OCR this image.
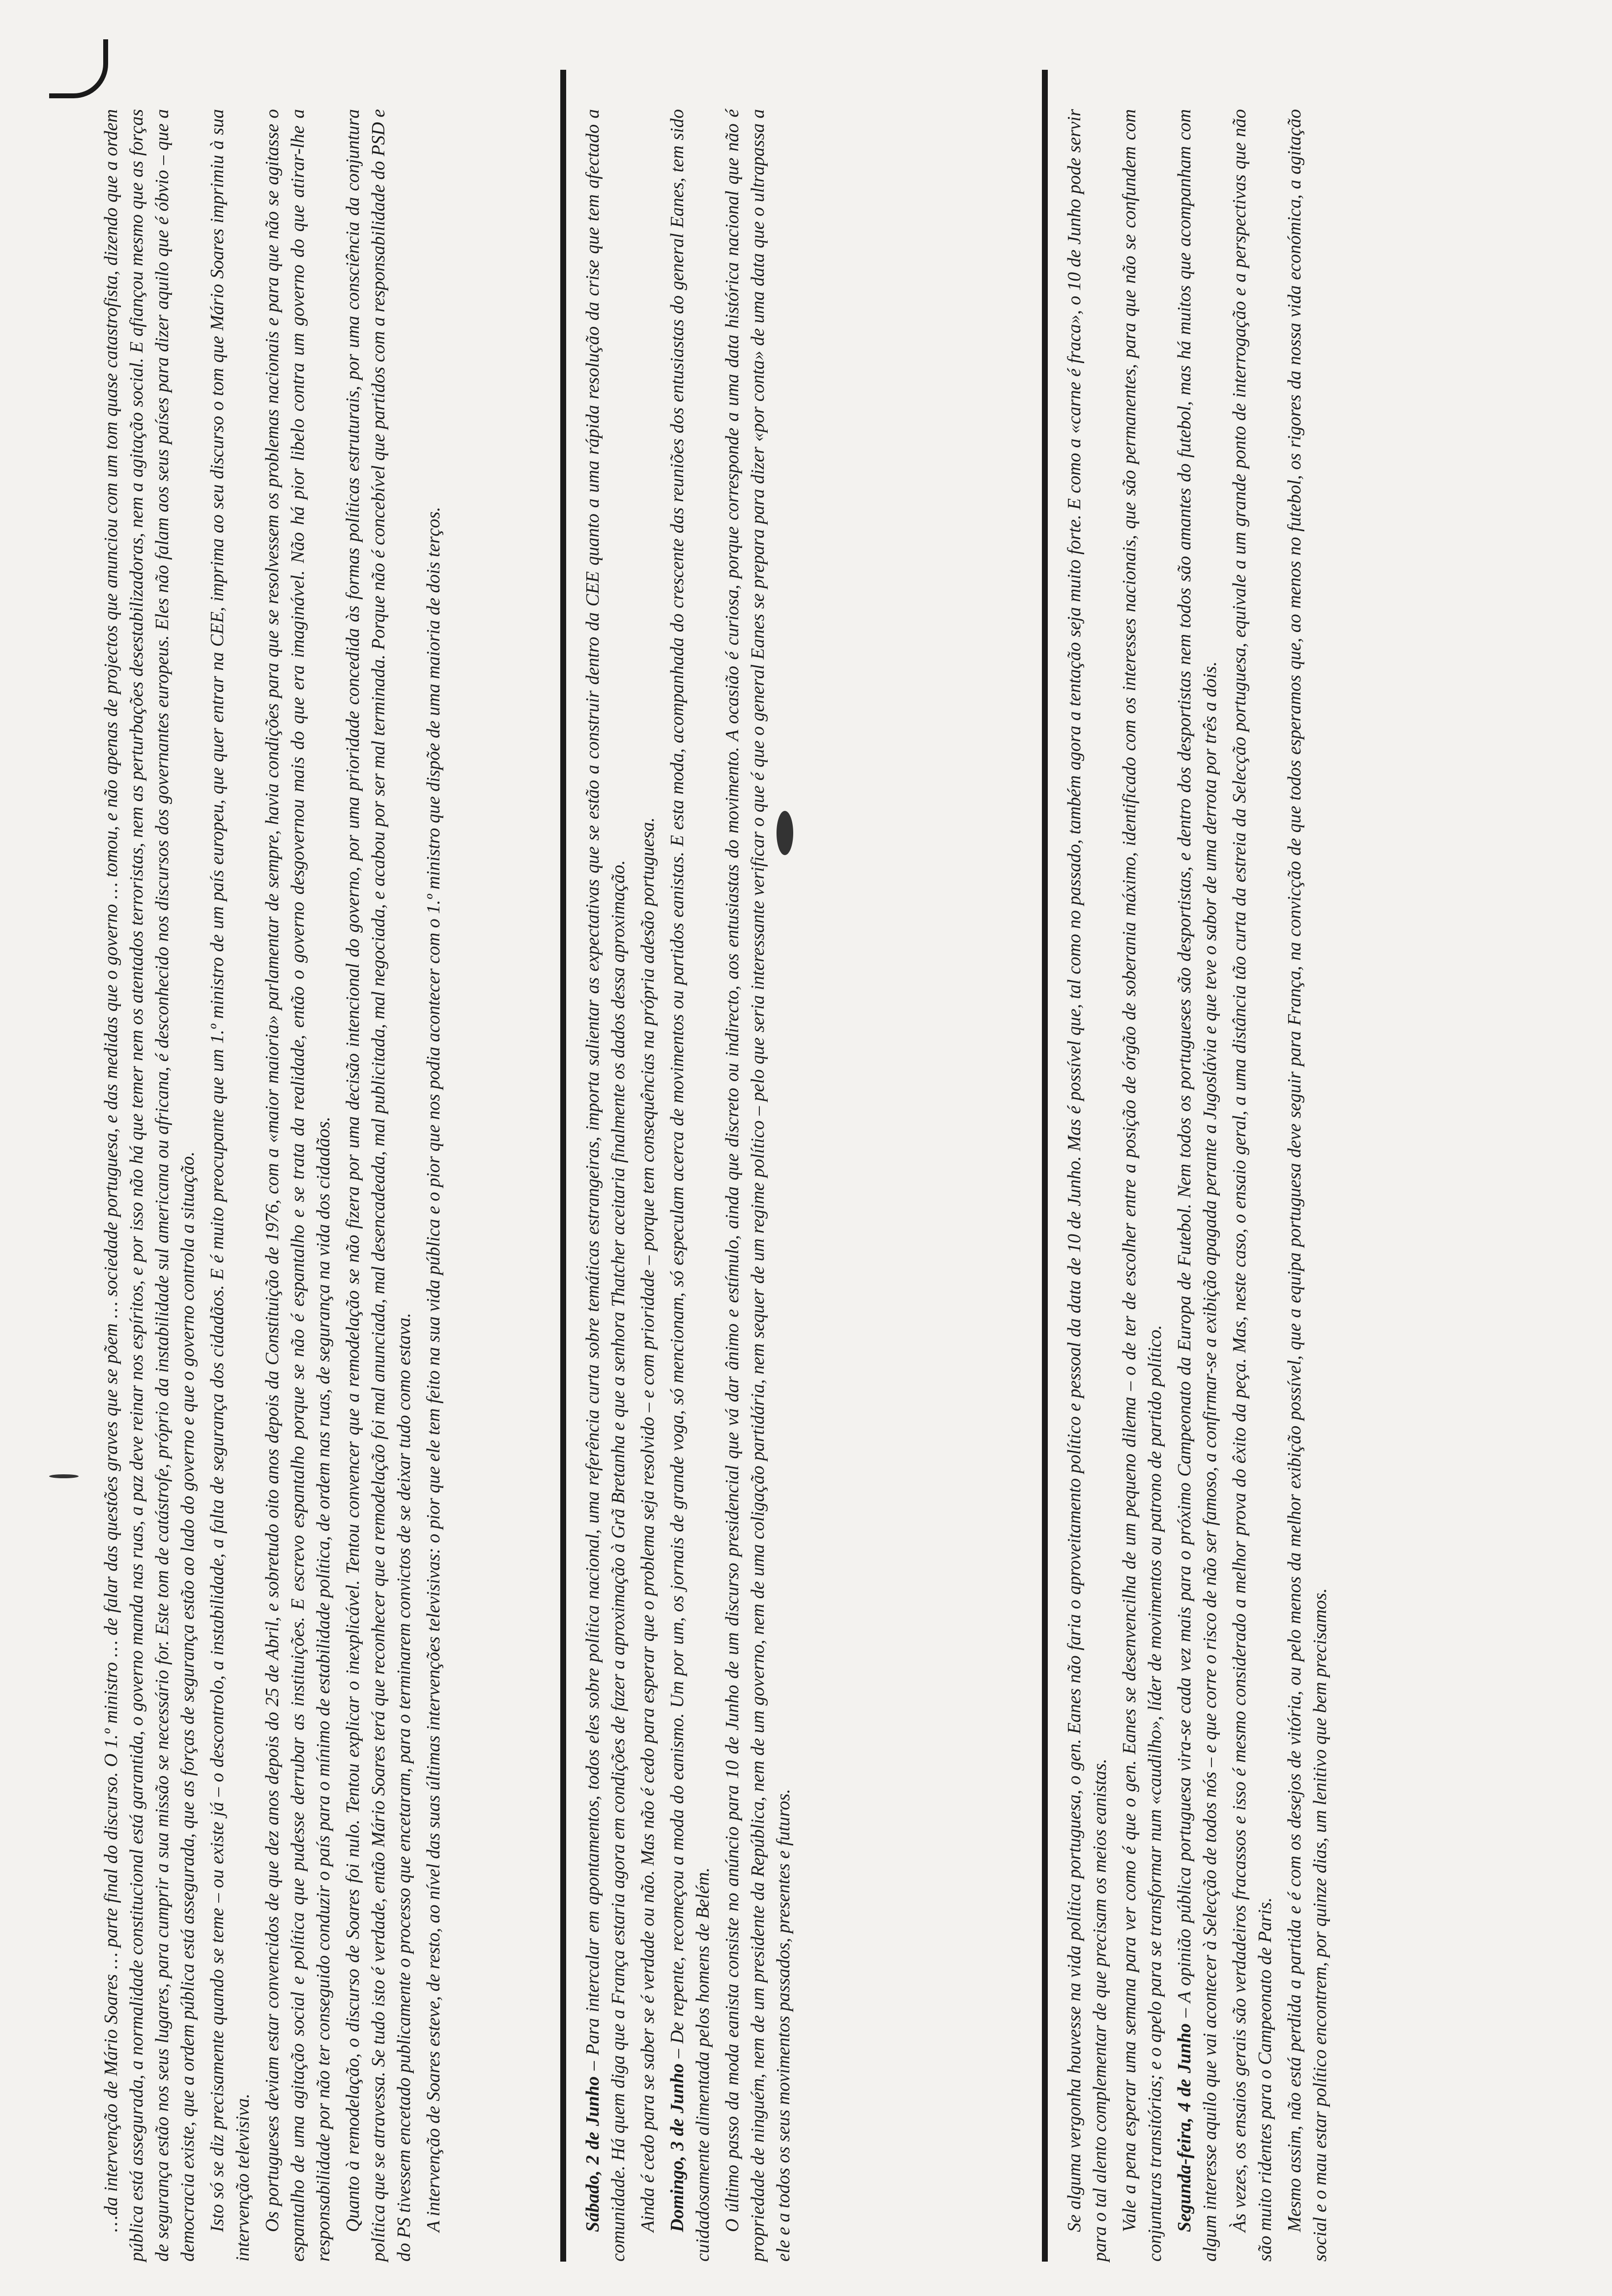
…da intervenção de Mário Soares … parte final do discurso. O 1.º ministro … de falar das questões graves que se põem … sociedade portuguesa, e das medidas que o governo … tomou, e não apenas de projectos que anunciou com um tom quase catastrofista, dizendo que a ordem pública está assegurada, a normalidade constitucional está garantida, o governo manda nas ruas, a paz deve reinar nos espíritos, e por isso não há que temer nem os atentados terroristas, nem as perturbações desestabilizadoras, nem a agitação social. E afiançou mesmo que as forças de segurança estão nos seus lugares, para cumprir a sua missão se necessário for. Este tom de catástrofe, próprio da instabilidade sul americana ou africana, é desconhecido nos discursos dos governantes europeus. Eles não falam aos seus países para dizer aquilo que é óbvio – que a democracia existe, que a ordem pública está assegurada, que as forças de segurança estão ao lado do governo e que o governo controla a situação. Isto só se diz precisamente quando se teme – ou existe já – o descontrolo, a instabilidade, a falta de segurança dos cidadãos. E é muito preocupante que um 1.º ministro de um país europeu, que quer entrar na CEE, imprima ao seu discurso o tom que Mário Soares imprimiu à sua intervenção televisiva. Os portugueses deviam estar convencidos de que dez anos depois do 25 de Abril, e sobretudo oito anos depois da Constituição de 1976, com a «maior maioria» parlamentar de sempre, havia condições para que se resolvessem os problemas nacionais e para que não se agitasse o espantalho de uma agitação social e política que pudesse derrubar as instituições. E escrevo espantalho porque se não é espantalho e se trata da realidade, então o governo desgovernou mais do que era imaginável. Não há pior libelo contra um governo do que atirar-lhe a responsabilidade por não ter conseguido conduzir o país para o mínimo de estabilidade política, de ordem nas ruas, de segurança na vida dos cidadãos. Quanto à remodelação, o discurso de Soares foi nulo. Tentou explicar o inexplicável. Tentou convencer que a remodelação se não fizera por uma decisão intencional do governo, por uma prioridade concedida às formas políticas estruturais, por uma consciência da conjuntura política que se atravessa. Se tudo isto é verdade, então Mário Soares terá que reconhecer que a remodelação foi mal anunciada, mal desencadeada, mal publicitada, mal negociada, e acabou por ser mal terminada. Porque não é concebível que partidos com a responsabilidade do PSD e do PS tivessem encetado publicamente o processo que encetaram, para o terminarem convictos de se deixar tudo como estava. A intervenção de Soares esteve, de resto, ao nível das suas últimas intervenções televisivas: o pior que ele tem feito na sua vida pública e o pior que nos podia acontecer com o 1.º ministro que dispõe de uma maioria de dois terços.	Sábado, 2 de Junho – Para intercalar em apontamentos, todos eles sobre política nacional, uma referência curta sobre temáticas estrangeiras, importa salientar as expectativas que se estão a construir dentro da CEE quanto a uma rápida resolução da crise que tem afectado a comunidade. Há quem diga que a França estaria agora em condições de fazer a aproximação à Grã Bretanha e que a senhora Thatcher aceitaria finalmente os dados dessa aproximação. Ainda é cedo para se saber se é verdade ou não. Mas não é cedo para esperar que o problema seja resolvido – e com prioridade – porque tem consequências na própria adesão portuguesa. Domingo, 3 de Junho – De repente, recomeçou a moda do eanismo. Um por um, os jornais de grande voga, só mencionam, só especulam acerca de movimentos ou partidos eanistas. E esta moda, acompanhada do crescente das reuniões dos entusiastas do general Eanes, tem sido cuidadosamente alimentada pelos homens de Belém. O último passo da moda eanista consiste no anúncio para 10 de Junho de um discurso presidencial que vá dar ânimo e estímulo, ainda que discreto ou indirecto, aos entusiastas do movimento. A ocasião é curiosa, porque corresponde a uma data histórica nacional que não é propriedade de ninguém, nem de um presidente da República, nem de um governo, nem de uma coligação partidária, nem sequer de um regime político – pelo que seria interessante verificar o que é que o general Eanes se prepara para dizer «por conta» de uma data que o ultrapassa a ele e a todos os seus movimentos passados, presentes e futuros.	Se alguma vergonha houvesse na vida política portuguesa, o gen. Eanes não faria o aproveitamento político e pessoal da data de 10 de Junho. Mas é possível que, tal como no passado, também agora a tentação seja muito forte. E como a «carne é fraca», o 10 de Junho pode servir para o tal alento complementar de que precisam os meios eanistas. Vale a pena esperar uma semana para ver como é que o gen. Eanes se desenvencilha de um pequeno dilema – o de ter de escolher entre a posição de órgão de soberania máximo, identificado com os interesses nacionais, que são permanentes, para que não se confundem com conjunturas transitórias; e o apelo para se transformar num «caudilho», líder de movimentos ou patrono de partido político. Segunda-feira, 4 de Junho – A opinião pública portuguesa vira-se cada vez mais para o próximo Campeonato da Europa de Futebol. Nem todos os portugueses são desportistas, e dentro dos desportistas nem todos são amantes do futebol, mas há muitos que acompanham com algum interesse aquilo que vai acontecer à Selecção de todos nós – e que corre o risco de não ser famoso, a confirmar-se a exibição apagada perante a Jugoslávia e que teve o sabor de uma derrota por três a dois. Às vezes, os ensaios gerais são verdadeiros fracassos e isso é mesmo considerado a melhor prova do êxito da peça. Mas, neste caso, o ensaio geral, a uma distância tão curta da estreia da Selecção portuguesa, equivale a um grande ponto de interrogação e a perspectivas que não são muito ridentes para o Campeonato de Paris. Mesmo assim, não está perdida a partida e é com os desejos de vitória, ou pelo menos da melhor exibição possível, que a equipa portuguesa deve seguir para França, na convicção de que todos esperamos que, ao menos no futebol, os rigores da nossa vida económica, a agitação social e o mau estar político encontrem, por quinze dias, um lenitivo que bem precisamos.
